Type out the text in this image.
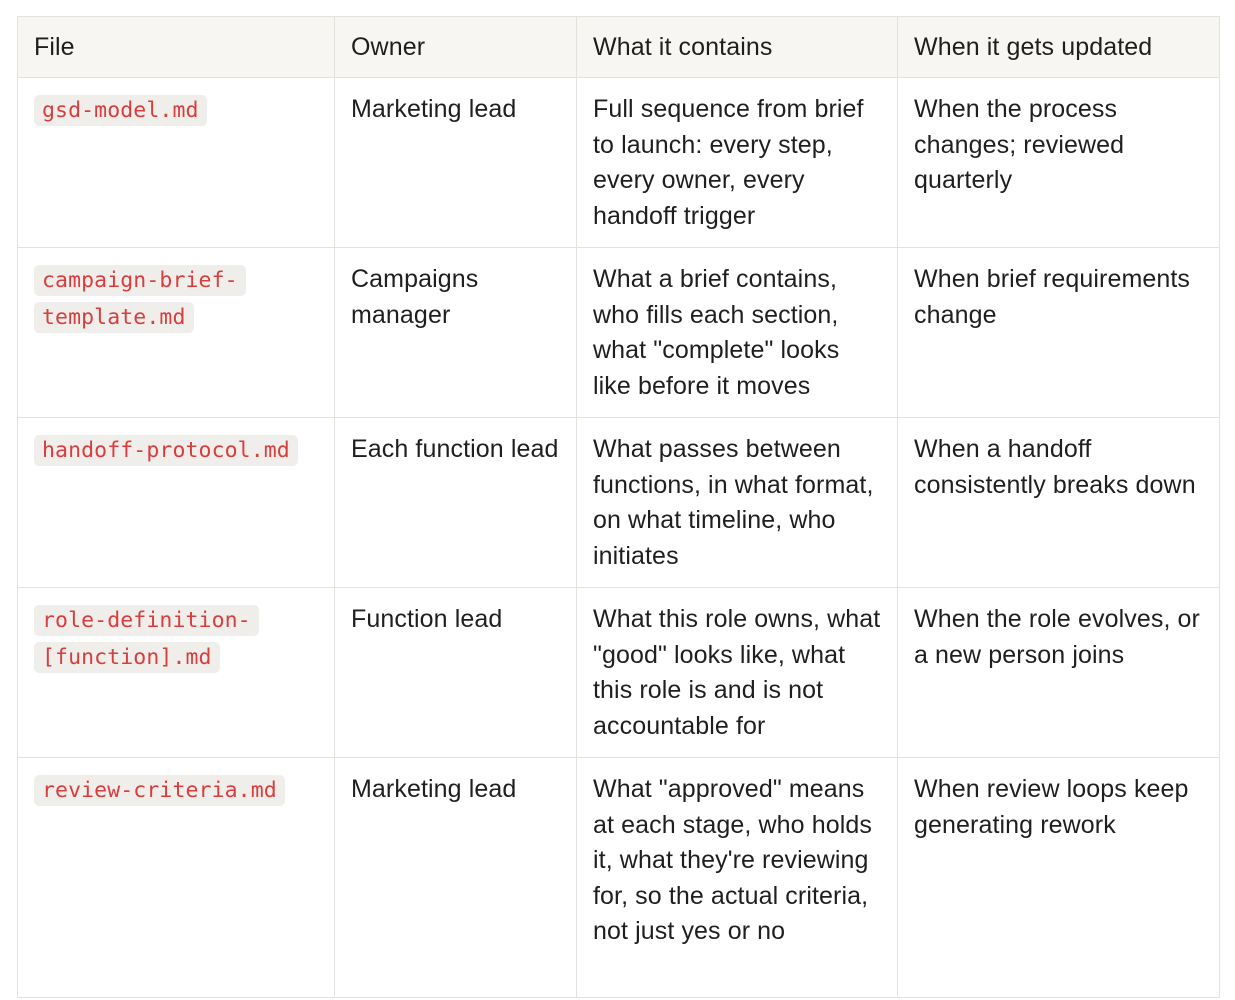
File	Owner	What it contains	When it gets updated
gsd-model.md	Marketing lead	Full sequence from brief to launch: every step, every owner, every handoff trigger	When the process changes; reviewed quarterly
campaign-brief-
template.md	Campaigns manager	What a brief contains, who fills each section, what "complete" looks like before it moves	When brief requirements change
handoff-protocol.md	Each function lead	What passes between functions, in what format, on what timeline, who initiates	When a handoff consistently breaks down
role-definition-
[function].md	Function lead	What this role owns, what "good" looks like, what this role is and is not accountable for	When the role evolves, or a new person joins
review-criteria.md	Marketing lead	What "approved" means at each stage, who holds it, what they're reviewing for, so the actual criteria, not just yes or no	When review loops keep generating rework
